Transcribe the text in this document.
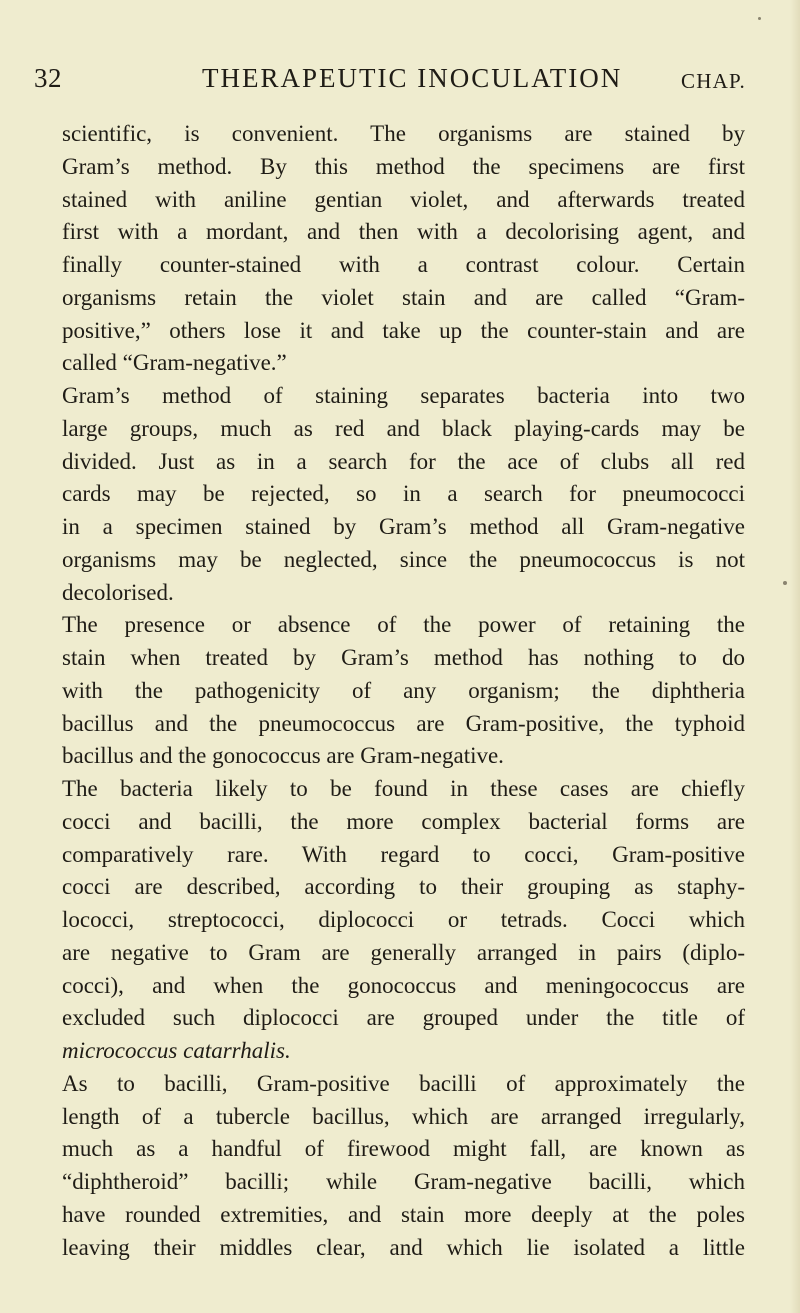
32	THERAPEUTIC INOCULATION	CHAP.
scientific, is convenient. The organisms are stained by
Gram’s method. By this method the specimens are first
stained with aniline gentian violet, and afterwards treated
first with a mordant, and then with a decolorising agent, and
finally counter-stained with a contrast colour. Certain
organisms retain the violet stain and are called “Gram-
positive,” others lose it and take up the counter-stain and are
called “Gram-negative.”
Gram’s method of staining separates bacteria into two
large groups, much as red and black playing-cards may be
divided. Just as in a search for the ace of clubs all red
cards may be rejected, so in a search for pneumococci
in a specimen stained by Gram’s method all Gram-negative
organisms may be neglected, since the pneumococcus is not
decolorised.
The presence or absence of the power of retaining the
stain when treated by Gram’s method has nothing to do
with the pathogenicity of any organism; the diphtheria
bacillus and the pneumococcus are Gram-positive, the typhoid
bacillus and the gonococcus are Gram-negative.
The bacteria likely to be found in these cases are chiefly
cocci and bacilli, the more complex bacterial forms are
comparatively rare. With regard to cocci, Gram-positive
cocci are described, according to their grouping as staphy-
lococci, streptococci, diplococci or tetrads. Cocci which
are negative to Gram are generally arranged in pairs (diplo-
cocci), and when the gonococcus and meningococcus are
excluded such diplococci are grouped under the title of
micrococcus catarrhalis.
As to bacilli, Gram-positive bacilli of approximately the
length of a tubercle bacillus, which are arranged irregularly,
much as a handful of firewood might fall, are known as
“diphtheroid” bacilli; while Gram-negative bacilli, which
have rounded extremities, and stain more deeply at the poles
leaving their middles clear, and which lie isolated a little
